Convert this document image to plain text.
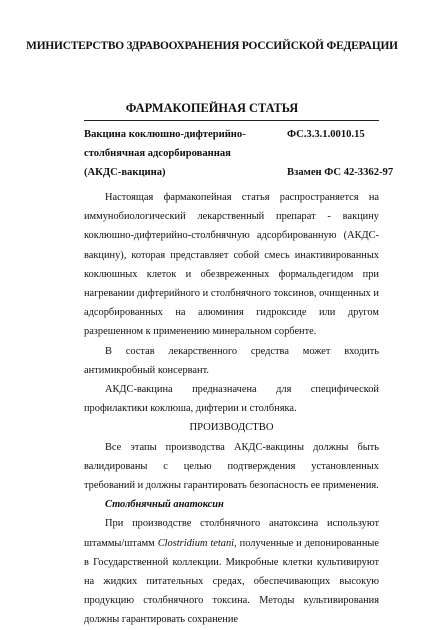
МИНИСТЕРСТВО ЗДРАВООХРАНЕНИЯ РОССИЙСКОЙ ФЕДЕРАЦИИ
ФАРМАКОПЕЙНАЯ СТАТЬЯ
Вакцина коклюшно-дифтерийно-
столбнячная адсорбированная
(АКДС-вакцина)
ФС.3.3.1.0010.15
Взамен ФС 42-3362-97

Настоящая фармакопейная статья распространяется на иммунобиологический лекарственный препарат - вакцину коклюшно-дифтерийно-столбнячную адсорбированную (АКДС-вакцину), которая представляет собой смесь инактивированных коклюшных клеток и обезвреженных формальдегидом при нагревании дифтерийного и столбнячного токсинов, очищенных и адсорбированных на алюминия гидроксиде или другом разрешенном к применению минеральном сорбенте.

В состав лекарственного средства может входить антимикробный консервант.

АКДС-вакцина предназначена для специфической профилактики коклюша, дифтерии и столбняка.

ПРОИЗВОДСТВО

Все этапы производства АКДС-вакцины должны быть валидированы с целью подтверждения установленных требований и должны гарантировать безопасность ее применения.

Столбнячный анатоксин

При производстве столбнячного анатоксина используют штаммы/штамм Clostridium tetani, полученные и депонированные в Государственной коллекции. Микробные клетки культивируют на жидких питательных средах, обеспечивающих высокую продукцию столбнячного токсина. Методы культивирования должны гарантировать сохранение
